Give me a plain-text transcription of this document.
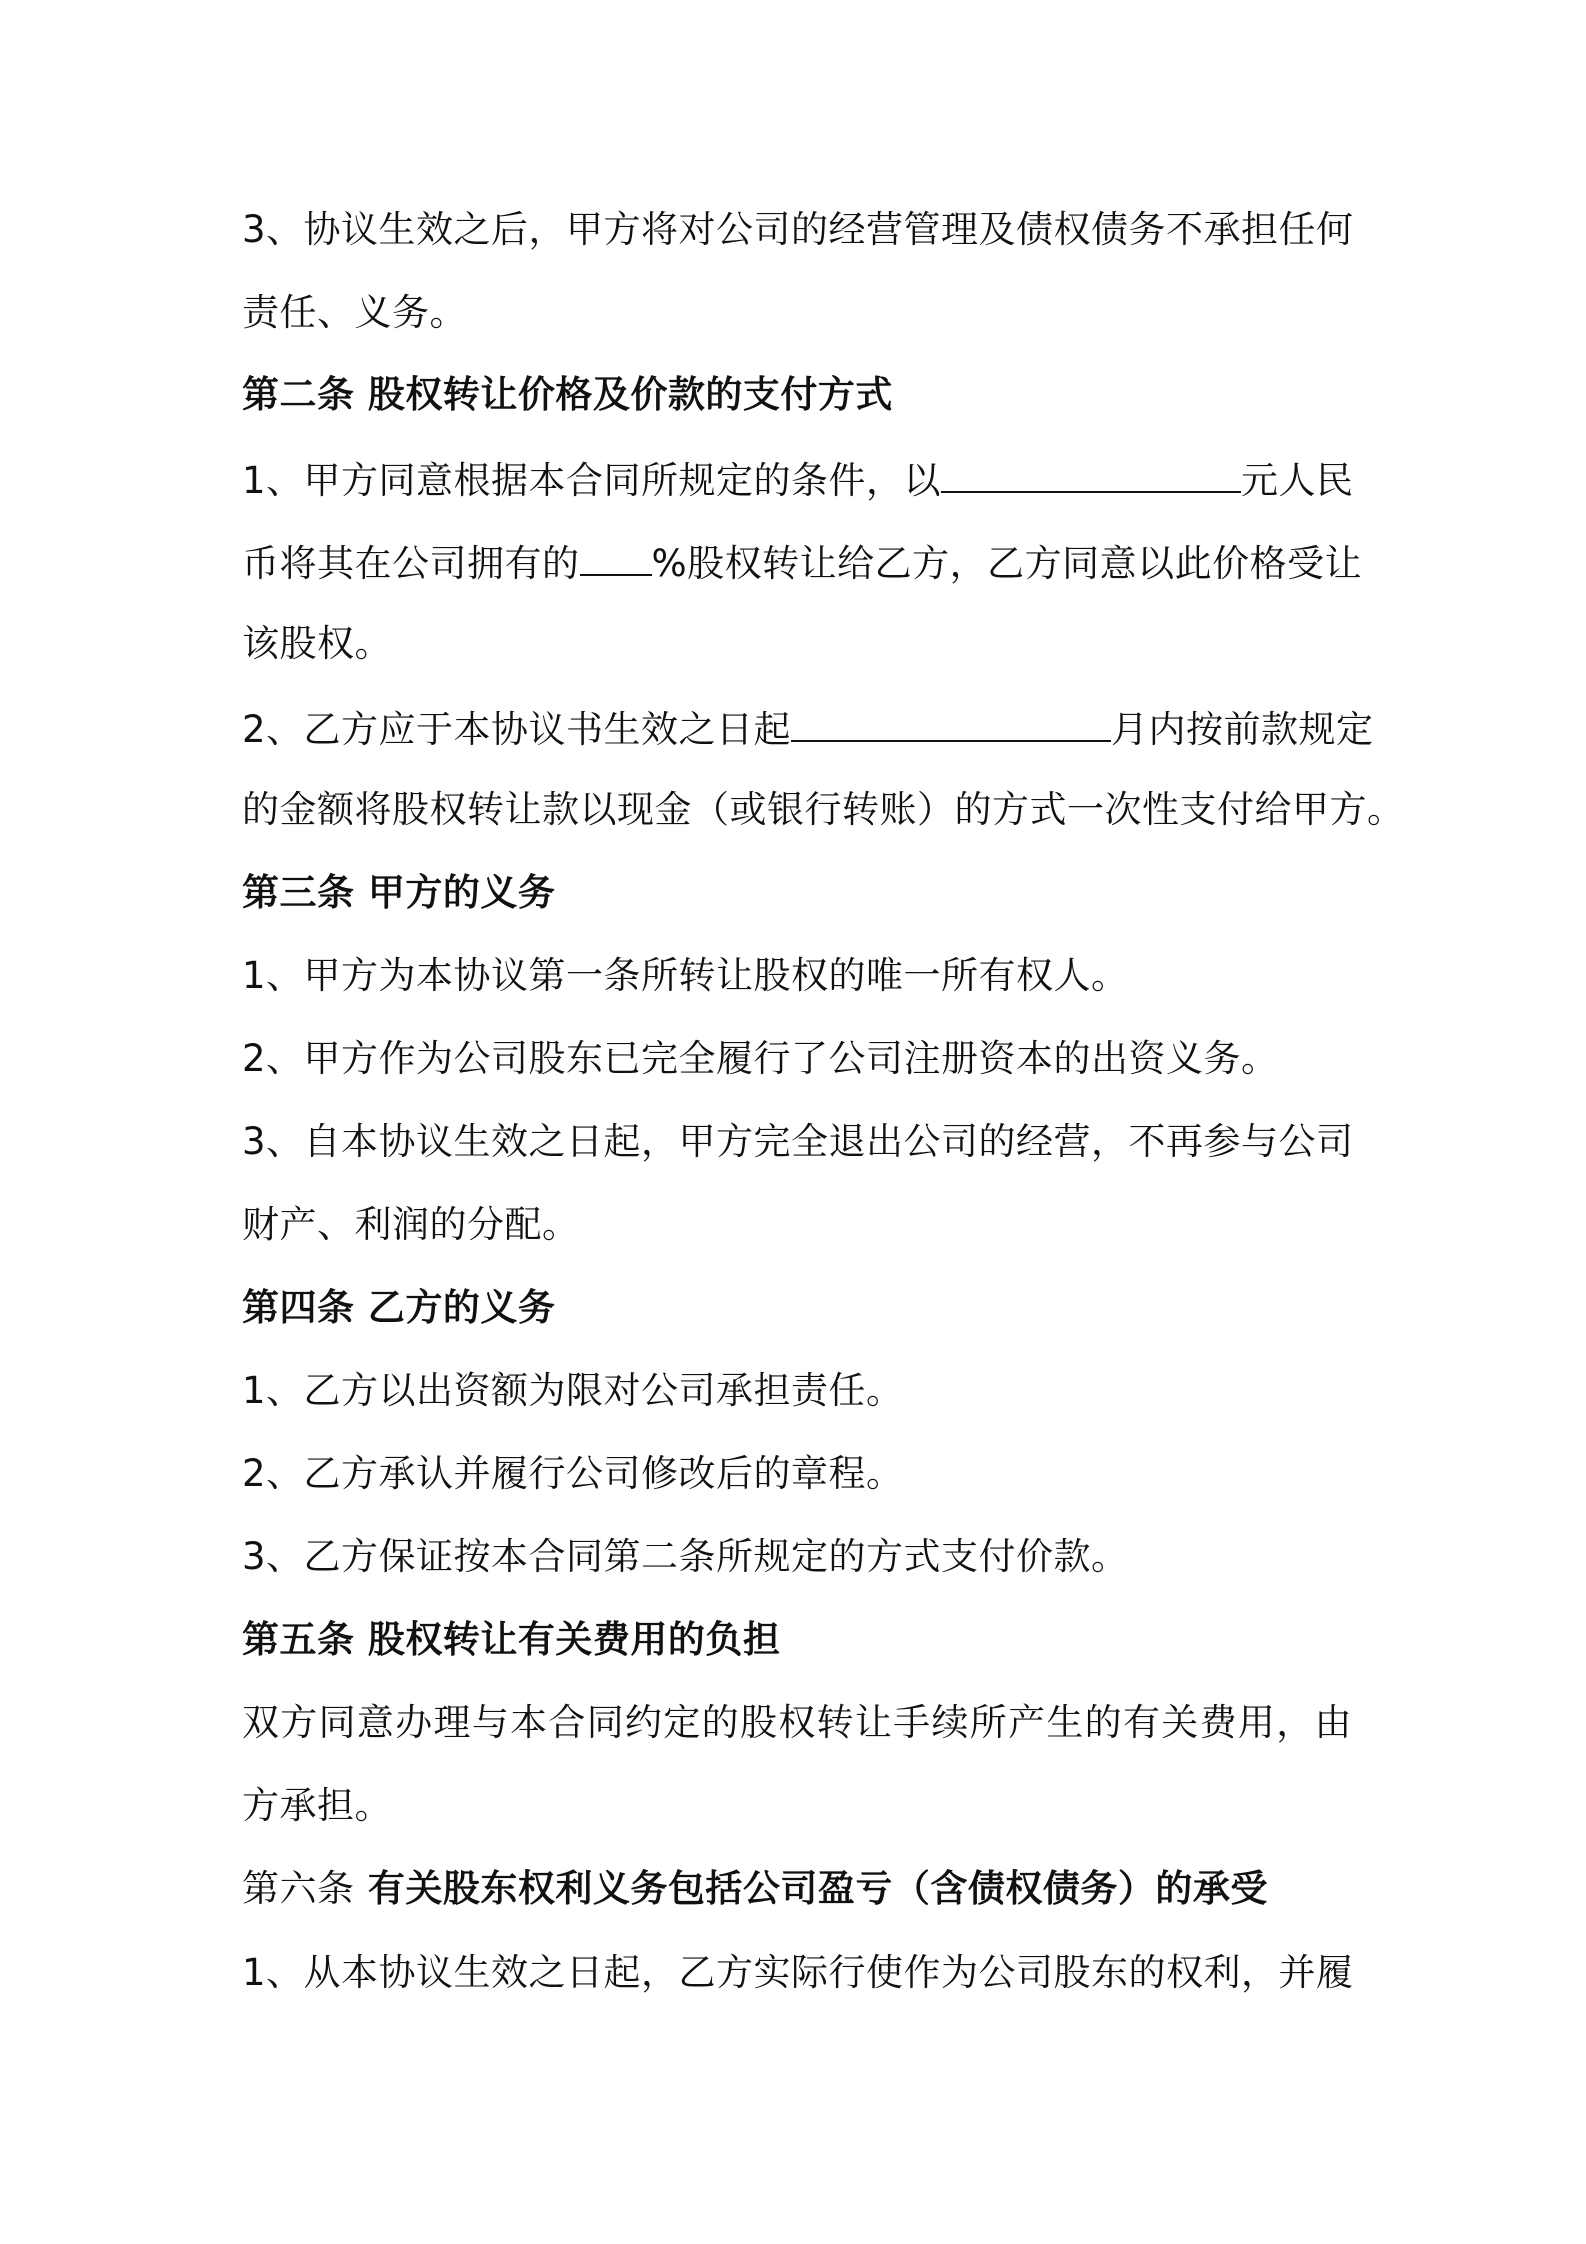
3、协议生效之后，甲方将对公司的经营管理及债权债务不承担任何
责任、义务。
第二条 股权转让价格及价款的支付方式
1、甲方同意根据本合同所规定的条件，以	元人民
币将其在公司拥有的 %股权转让给乙方，乙方同意以此价格受让
该股权。
2、乙方应于本协议书生效之日起	月内按前款规定
的金额将股权转让款以现金（或银行转账）的方式一次性支付给甲方。
第三条 甲方的义务
1、甲方为本协议第一条所转让股权的唯一所有权人。
2、甲方作为公司股东已完全履行了公司注册资本的出资义务。
3、自本协议生效之日起，甲方完全退出公司的经营，不再参与公司
财产、利润的分配。
第四条 乙方的义务
1、乙方以出资额为限对公司承担责任。
2、乙方承认并履行公司修改后的章程。
3、乙方保证按本合同第二条所规定的方式支付价款。
第五条 股权转让有关费用的负担
双方同意办理与本合同约定的股权转让手续所产生的有关费用，由
方承担。
第六条 有关股东权利义务包括公司盈亏（含债权债务）的承受
1、从本协议生效之日起，乙方实际行使作为公司股东的权利，并履
